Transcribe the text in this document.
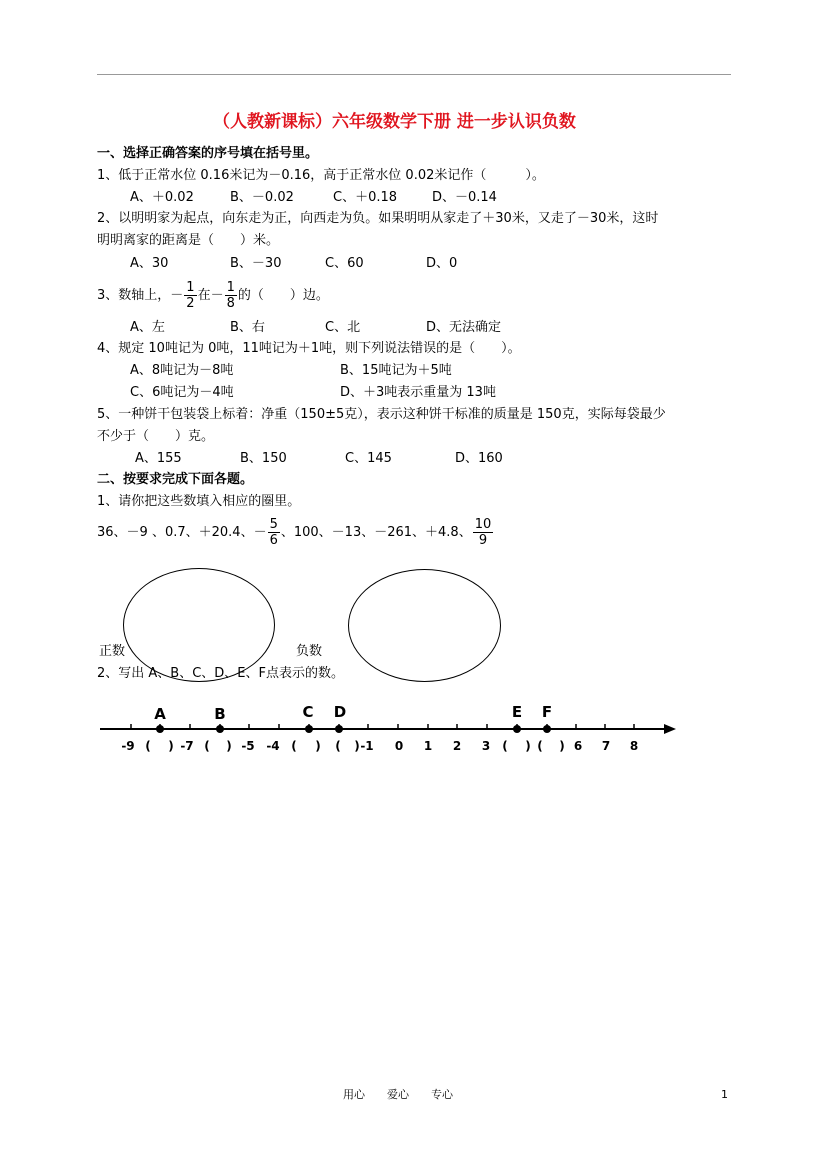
（人教新课标）六年级数学下册 进一步认识负数
一、选择正确答案的序号填在括号里。
1、低于正常水位 0.16米记为－0.16，高于正常水位 0.02米记作（　　　）。
A、＋0.02	B、－0.02	C、＋0.18	D、－0.14
2、以明明家为起点，向东走为正，向西走为负。如果明明从家走了＋30米，又走了－30米，这时
明明离家的距离是（　　）米。
A、30	B、－30	C、60	D、0
3、数轴上，－ $\frac{1}{2}$ 在－ $\frac{1}{8}$ 的（　　）边。
A、左	B、右	C、北	D、无法确定
4、规定 10吨记为 0吨，11吨记为＋1吨，则下列说法错误的是（　　）。
A、8吨记为－8吨	B、15吨记为＋5吨
C、6吨记为－4吨	D、＋3吨表示重量为 13吨
5、一种饼干包装袋上标着：净重（150±5克），表示这种饼干标准的质量是 150克，实际每袋最少
不少于（　　）克。
A、155	B、150	C、145	D、160
二、按要求完成下面各题。
1、请你把这些数填入相应的圈里。
36、－9 、0.7、＋20.4、－ $\frac{5}{6}$ 、100、－13、－261、＋4.8、 $\frac{10}{9}$
正数	负数
2、写出 A、B、C、D、E、F点表示的数。
A	B	C D	E F
-9 ( ) -7 ( ) -5 -4 ( ) ( ) -1 0 1 2 3 ( ) ( ) 6 7 8
用心　　爱心　　专心	1
